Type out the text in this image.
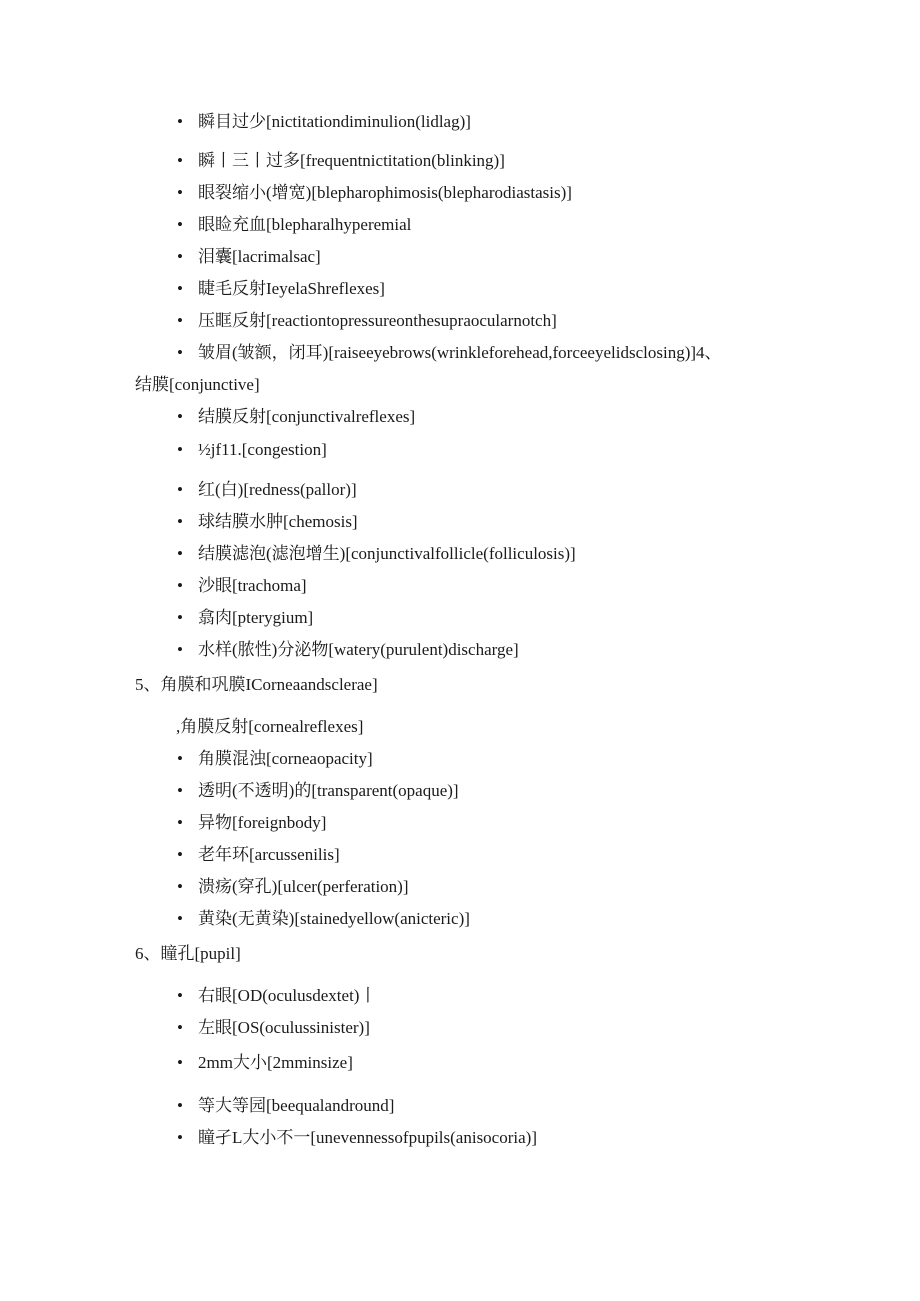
• 瞬目过少[nictitationdiminulion(lidlag)]
• 瞬丨三丨过多[frequentnictitation(blinking)]
• 眼裂缩小(增宽)[blepharophimosis(blepharodiastasis)]
• 眼睑充血[blepharalhyperemial
• 泪囊[lacrimalsac]
• 睫毛反射IeyelaShreflexes]
• 压眶反射[reactiontopressureonthesupraocularnotch]
• 皱眉(皱额，闭耳)[raiseeyebrows(wrinkleforehead,forceeyelidsclosing)]4、
结膜[conjunctive]
• 结膜反射[conjunctivalreflexes]
• ½jf11.[congestion]
• 红(白)[redness(pallor)]
• 球结膜水肿[chemosis]
• 结膜滤泡(滤泡增生)[conjunctivalfollicle(folliculosis)]
• 沙眼[trachoma]
• 翕肉[pterygium]
• 水样(脓性)分泌物[watery(purulent)discharge]
5、角膜和巩膜ICorneaandsclerae]
,角膜反射[cornealreflexes]
• 角膜混浊[corneaopacity]
• 透明(不透明)的[transparent(opaque)]
• 异物[foreignbody]
• 老年环[arcussenilis]
• 溃疡(穿孔)[ulcer(perferation)]
• 黄染(无黄染)[stainedyellow(anicteric)]
6、瞳孔[pupil]
• 右眼[OD(oculusdextet)丨
• 左眼[OS(oculussinister)]
• 2mm大小[2mminsize]
• 等大等园[beequalandround]
• 瞳孑L大小不一[unevennessofpupils(anisocoria)]
